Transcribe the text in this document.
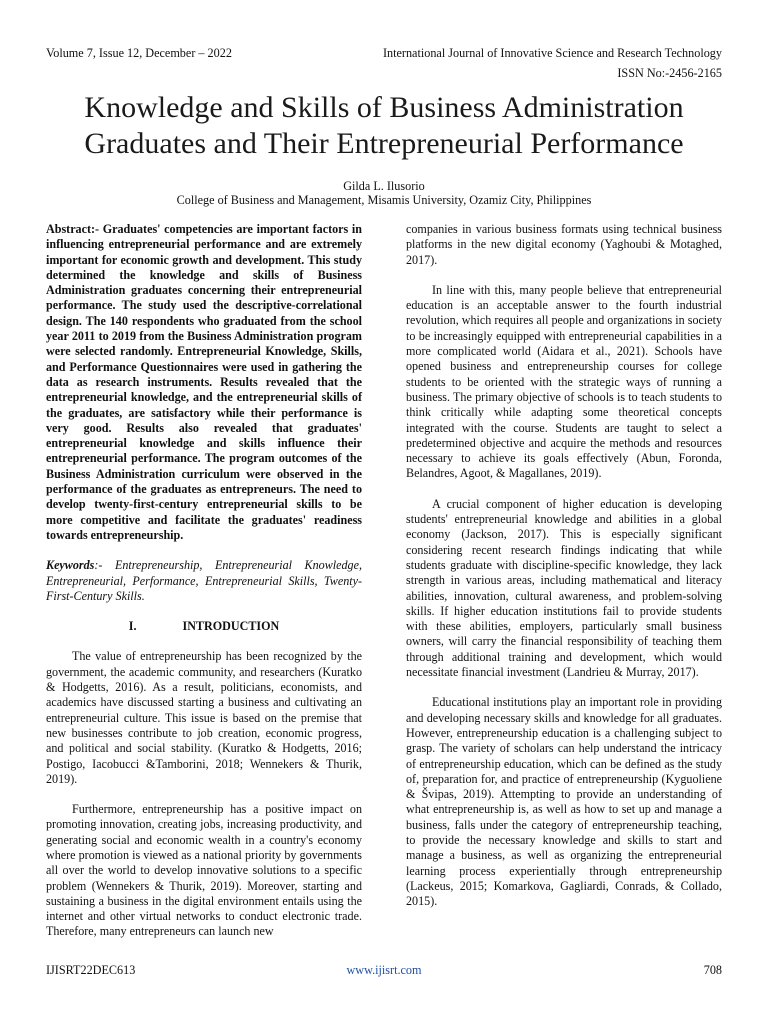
Volume 7, Issue 12, December – 2022	International Journal of Innovative Science and Research Technology
ISSN No:-2456-2165
Knowledge and Skills of Business Administration Graduates and Their Entrepreneurial Performance
Gilda L. Ilusorio
College of Business and Management, Misamis University, Ozamiz City, Philippines

Abstract:- Graduates' competencies are important factors in influencing entrepreneurial performance and are extremely important for economic growth and development. This study determined the knowledge and skills of Business Administration graduates concerning their entrepreneurial performance. The study used the descriptive-correlational design. The 140 respondents who graduated from the school year 2011 to 2019 from the Business Administration program were selected randomly. Entrepreneurial Knowledge, Skills, and Performance Questionnaires were used in gathering the data as research instruments. Results revealed that the entrepreneurial knowledge, and the entrepreneurial skills of the graduates, are satisfactory while their performance is very good. Results also revealed that graduates' entrepreneurial knowledge and skills influence their entrepreneurial performance. The program outcomes of the Business Administration curriculum were observed in the performance of the graduates as entrepreneurs. The need to develop twenty-first-century entrepreneurial skills to be more competitive and facilitate the graduates' readiness towards entrepreneurship.

Keywords:- Entrepreneurship, Entrepreneurial Knowledge, Entrepreneurial, Performance, Entrepreneurial Skills, Twenty-First-Century Skills.

I.	INTRODUCTION

The value of entrepreneurship has been recognized by the government, the academic community, and researchers (Kuratko & Hodgetts, 2016). As a result, politicians, economists, and academics have discussed starting a business and cultivating an entrepreneurial culture. This issue is based on the premise that new businesses contribute to job creation, economic progress, and political and social stability. (Kuratko & Hodgetts, 2016; Postigo, Iacobucci &Tamborini, 2018; Wennekers & Thurik, 2019).

Furthermore, entrepreneurship has a positive impact on promoting innovation, creating jobs, increasing productivity, and generating social and economic wealth in a country's economy where promotion is viewed as a national priority by governments all over the world to develop innovative solutions to a specific problem (Wennekers & Thurik, 2019). Moreover, starting and sustaining a business in the digital environment entails using the internet and other virtual networks to conduct electronic trade. Therefore, many entrepreneurs can launch new

companies in various business formats using technical business platforms in the new digital economy (Yaghoubi & Motaghed, 2017).

In line with this, many people believe that entrepreneurial education is an acceptable answer to the fourth industrial revolution, which requires all people and organizations in society to be increasingly equipped with entrepreneurial capabilities in a more complicated world (Aidara et al., 2021). Schools have opened business and entrepreneurship courses for college students to be oriented with the strategic ways of running a business. The primary objective of schools is to teach students to think critically while adapting some theoretical concepts integrated with the course. Students are taught to select a predetermined objective and acquire the methods and resources necessary to achieve its goals effectively (Abun, Foronda, Belandres, Agoot, & Magallanes, 2019).

A crucial component of higher education is developing students' entrepreneurial knowledge and abilities in a global economy (Jackson, 2017). This is especially significant considering recent research findings indicating that while students graduate with discipline-specific knowledge, they lack strength in various areas, including mathematical and literacy abilities, innovation, cultural awareness, and problem-solving skills. If higher education institutions fail to provide students with these abilities, employers, particularly small business owners, will carry the financial responsibility of teaching them through additional training and development, which would necessitate financial investment (Landrieu & Murray, 2017).

Educational institutions play an important role in providing and developing necessary skills and knowledge for all graduates. However, entrepreneurship education is a challenging subject to grasp. The variety of scholars can help understand the intricacy of entrepreneurship education, which can be defined as the study of, preparation for, and practice of entrepreneurship (Kyguoliene & Švipas, 2019). Attempting to provide an understanding of what entrepreneurship is, as well as how to set up and manage a business, falls under the category of entrepreneurship teaching, to provide the necessary knowledge and skills to start and manage a business, as well as organizing the entrepreneurial learning process experientially through entrepreneurship (Lackeus, 2015; Komarkova, Gagliardi, Conrads, & Collado, 2015).

IJISRT22DEC613	www.ijisrt.com	708
